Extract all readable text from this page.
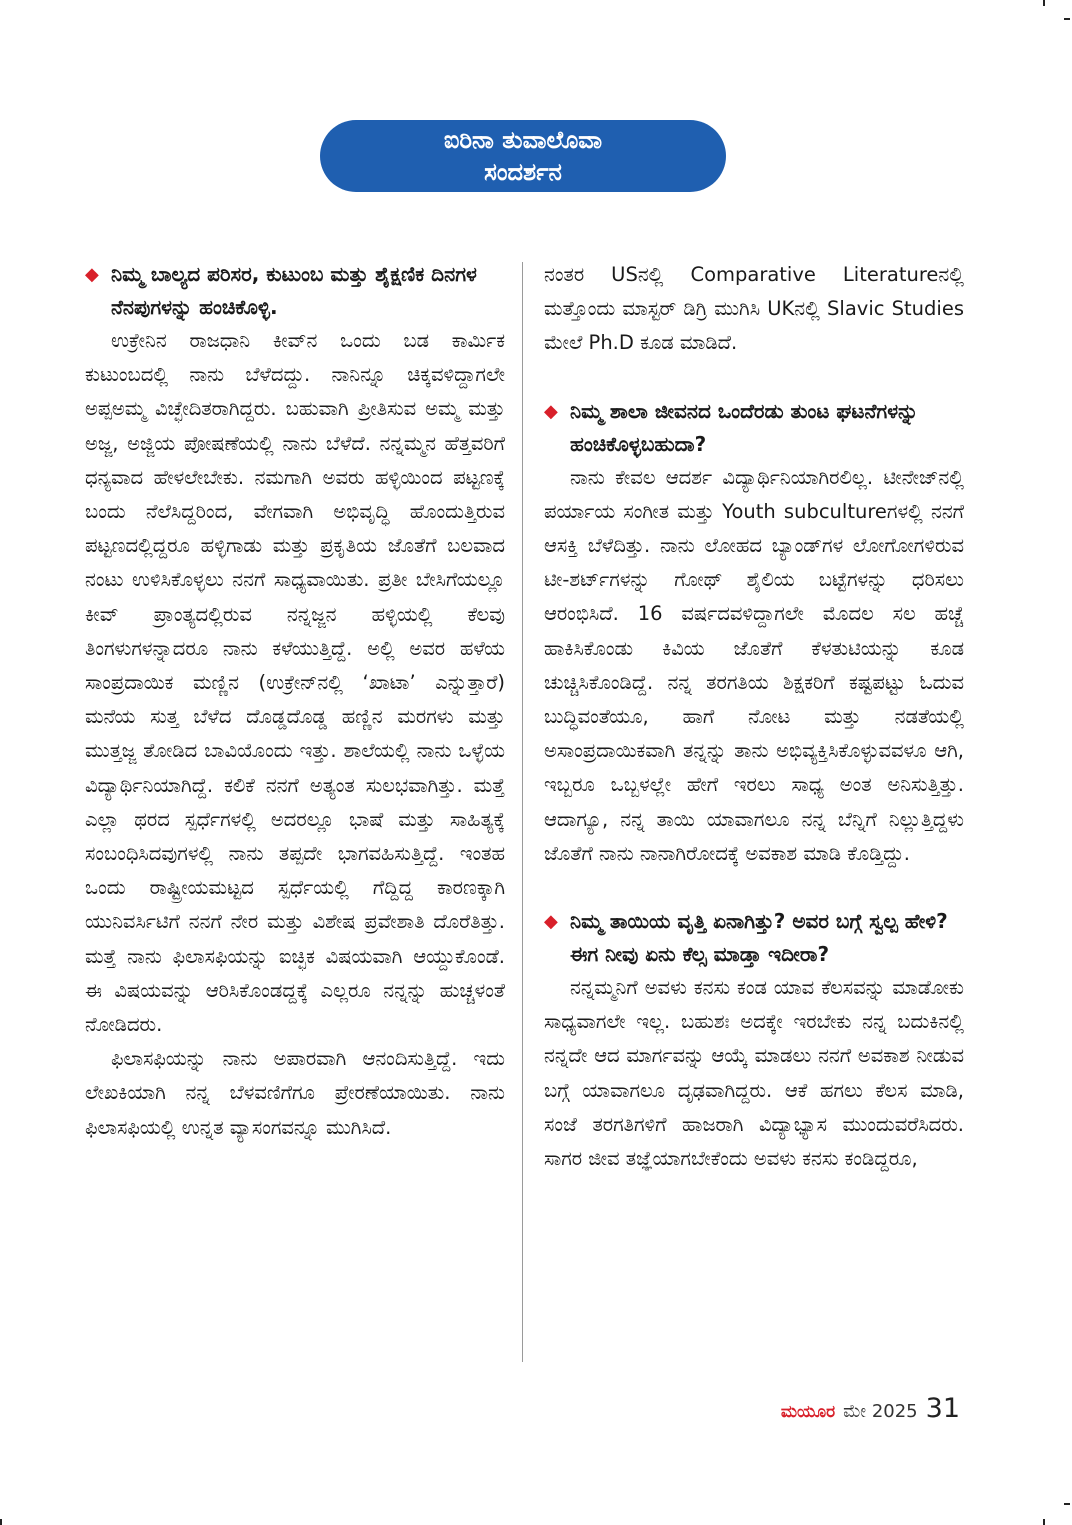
ಐರಿನಾ ತುವಾಲೊವಾ
ಸಂದರ್ಶನ

◆ ನಿಮ್ಮ ಬಾಲ್ಯದ ಪರಿಸರ, ಕುಟುಂಬ ಮತ್ತು ಶೈಕ್ಷಣಿಕ ದಿನಗಳ ನೆನಪುಗಳನ್ನು ಹಂಚಿಕೊಳ್ಳಿ.

ಉಕ್ರೇನಿನ ರಾಜಧಾನಿ ಕೀವ್‌ನ ಒಂದು ಬಡ ಕಾರ್ಮಿಕ ಕುಟುಂಬದಲ್ಲಿ ನಾನು ಬೆಳೆದದ್ದು. ನಾನಿನ್ನೂ ಚಿಕ್ಕವಳಿದ್ದಾಗಲೇ ಅಪ್ಪಅಮ್ಮ ವಿಚ್ಛೇದಿತರಾಗಿದ್ದರು. ಬಹುವಾಗಿ ಪ್ರೀತಿಸುವ ಅಮ್ಮ ಮತ್ತು ಅಜ್ಜ, ಅಜ್ಜಿಯ ಪೋಷಣೆಯಲ್ಲಿ ನಾನು ಬೆಳೆದೆ. ನನ್ನಮ್ಮನ ಹೆತ್ತವರಿಗೆ ಧನ್ಯವಾದ ಹೇಳಲೇಬೇಕು. ನಮಗಾಗಿ ಅವರು ಹಳ್ಳಿಯಿಂದ ಪಟ್ಟಣಕ್ಕೆ ಬಂದು ನೆಲೆಸಿದ್ದರಿಂದ, ವೇಗವಾಗಿ ಅಭಿವೃದ್ಧಿ ಹೊಂದುತ್ತಿರುವ ಪಟ್ಟಣದಲ್ಲಿದ್ದರೂ ಹಳ್ಳಿಗಾಡು ಮತ್ತು ಪ್ರಕೃತಿಯ ಜೊತೆಗೆ ಬಲವಾದ ನಂಟು ಉಳಿಸಿಕೊಳ್ಳಲು ನನಗೆ ಸಾಧ್ಯವಾಯಿತು. ಪ್ರತೀ ಬೇಸಿಗೆಯಲ್ಲೂ ಕೀವ್ ಪ್ರಾಂತ್ಯದಲ್ಲಿರುವ ನನ್ನಜ್ಜನ ಹಳ್ಳಿಯಲ್ಲಿ ಕೆಲವು ತಿಂಗಳುಗಳನ್ನಾದರೂ ನಾನು ಕಳೆಯುತ್ತಿದ್ದೆ. ಅಲ್ಲಿ ಅವರ ಹಳೆಯ ಸಾಂಪ್ರದಾಯಿಕ ಮಣ್ಣಿನ (ಉಕ್ರೇನ್‌ನಲ್ಲಿ ‘ಖಾಟಾ’ ಎನ್ನುತ್ತಾರೆ) ಮನೆಯ ಸುತ್ತ ಬೆಳೆದ ದೊಡ್ಡದೊಡ್ಡ ಹಣ್ಣಿನ ಮರಗಳು ಮತ್ತು ಮುತ್ತಜ್ಜ ತೋಡಿದ ಬಾವಿಯೊಂದು ಇತ್ತು. ಶಾಲೆಯಲ್ಲಿ ನಾನು ಒಳ್ಳೆಯ ವಿದ್ಯಾರ್ಥಿನಿಯಾಗಿದ್ದೆ. ಕಲಿಕೆ ನನಗೆ ಅತ್ಯಂತ ಸುಲಭವಾಗಿತ್ತು. ಮತ್ತೆ ಎಲ್ಲಾ ಥರದ ಸ್ಪರ್ಧೆಗಳಲ್ಲಿ ಅದರಲ್ಲೂ ಭಾಷೆ ಮತ್ತು ಸಾಹಿತ್ಯಕ್ಕೆ ಸಂಬಂಧಿಸಿದವುಗಳಲ್ಲಿ ನಾನು ತಪ್ಪದೇ ಭಾಗವಹಿಸುತ್ತಿದ್ದೆ. ಇಂತಹ ಒಂದು ರಾಷ್ಟ್ರೀಯಮಟ್ಟದ ಸ್ಪರ್ಧೆಯಲ್ಲಿ ಗೆದ್ದಿದ್ದ ಕಾರಣಕ್ಕಾಗಿ ಯುನಿವರ್ಸಿಟಿಗೆ ನನಗೆ ನೇರ ಮತ್ತು ವಿಶೇಷ ಪ್ರವೇಶಾತಿ ದೊರೆತಿತ್ತು. ಮತ್ತೆ ನಾನು ಫಿಲಾಸಫಿಯನ್ನು ಐಚ್ಛಿಕ ವಿಷಯವಾಗಿ ಆಯ್ದುಕೊಂಡೆ. ಈ ವಿಷಯವನ್ನು ಆರಿಸಿಕೊಂಡದ್ದಕ್ಕೆ ಎಲ್ಲರೂ ನನ್ನನ್ನು ಹುಚ್ಚಳಂತೆ ನೋಡಿದರು.

ಫಿಲಾಸಫಿಯನ್ನು ನಾನು ಅಪಾರವಾಗಿ ಆನಂದಿಸುತ್ತಿದ್ದೆ. ಇದು ಲೇಖಕಿಯಾಗಿ ನನ್ನ ಬೆಳವಣಿಗೆಗೂ ಪ್ರೇರಣೆಯಾಯಿತು. ನಾನು ಫಿಲಾಸಫಿಯಲ್ಲಿ ಉನ್ನತ ವ್ಯಾಸಂಗವನ್ನೂ ಮುಗಿಸಿದೆ.

ನಂತರ USನಲ್ಲಿ Comparative Literatureನಲ್ಲಿ ಮತ್ತೊಂದು ಮಾಸ್ಟರ್ ಡಿಗ್ರಿ ಮುಗಿಸಿ UKನಲ್ಲಿ Slavic Studies ಮೇಲೆ Ph.D ಕೂಡ ಮಾಡಿದೆ.

◆ ನಿಮ್ಮ ಶಾಲಾ ಜೀವನದ ಒಂದೆರಡು ತುಂಟ ಘಟನೆಗಳನ್ನು ಹಂಚಿಕೊಳ್ಳಬಹುದಾ?

ನಾನು ಕೇವಲ ಆದರ್ಶ ವಿದ್ಯಾರ್ಥಿನಿಯಾಗಿರಲಿಲ್ಲ. ಟೀನೇಜ್‌ನಲ್ಲಿ ಪರ್ಯಾಯ ಸಂಗೀತ ಮತ್ತು Youth subcultureಗಳಲ್ಲಿ ನನಗೆ ಆಸಕ್ತಿ ಬೆಳೆದಿತ್ತು. ನಾನು ಲೋಹದ ಬ್ಯಾಂಡ್‌ಗಳ ಲೋಗೋಗಳಿರುವ ಟೀ-ಶರ್ಟ್‌ಗಳನ್ನು ಗೋಥ್ ಶೈಲಿಯ ಬಟ್ಟೆಗಳನ್ನು ಧರಿಸಲು ಆರಂಭಿಸಿದೆ. 16 ವರ್ಷದವಳಿದ್ದಾಗಲೇ ಮೊದಲ ಸಲ ಹಚ್ಚೆ ಹಾಕಿಸಿಕೊಂಡು ಕಿವಿಯ ಜೊತೆಗೆ ಕೆಳತುಟಿಯನ್ನು ಕೂಡ ಚುಚ್ಚಿಸಿಕೊಂಡಿದ್ದೆ. ನನ್ನ ತರಗತಿಯ ಶಿಕ್ಷಕರಿಗೆ ಕಷ್ಟಪಟ್ಟು ಓದುವ ಬುದ್ಧಿವಂತೆಯೂ, ಹಾಗೆ ನೋಟ ಮತ್ತು ನಡತೆಯಲ್ಲಿ ಅಸಾಂಪ್ರದಾಯಿಕವಾಗಿ ತನ್ನನ್ನು ತಾನು ಅಭಿವ್ಯಕ್ತಿಸಿಕೊಳ್ಳುವವಳೂ ಆಗಿ, ಇಬ್ಬರೂ ಒಬ್ಬಳಲ್ಲೇ ಹೇಗೆ ಇರಲು ಸಾಧ್ಯ ಅಂತ ಅನಿಸುತ್ತಿತ್ತು. ಆದಾಗ್ಯೂ, ನನ್ನ ತಾಯಿ ಯಾವಾಗಲೂ ನನ್ನ ಬೆನ್ನಿಗೆ ನಿಲ್ಲುತ್ತಿದ್ದಳು ಜೊತೆಗೆ ನಾನು ನಾನಾಗಿರೋದಕ್ಕೆ ಅವಕಾಶ ಮಾಡಿ ಕೊಡ್ತಿದ್ದು.

◆ ನಿಮ್ಮ ತಾಯಿಯ ವೃತ್ತಿ ಏನಾಗಿತ್ತು? ಅವರ ಬಗ್ಗೆ ಸ್ವಲ್ಪ ಹೇಳಿ? ಈಗ ನೀವು ಏನು ಕೆಲ್ಸ ಮಾಡ್ತಾ ಇದೀರಾ?

ನನ್ನಮ್ಮನಿಗೆ ಅವಳು ಕನಸು ಕಂಡ ಯಾವ ಕೆಲಸವನ್ನು ಮಾಡೋಕು ಸಾಧ್ಯವಾಗಲೇ ಇಲ್ಲ. ಬಹುಶಃ ಅದಕ್ಕೇ ಇರಬೇಕು ನನ್ನ ಬದುಕಿನಲ್ಲಿ ನನ್ನದೇ ಆದ ಮಾರ್ಗವನ್ನು ಆಯ್ಕೆ ಮಾಡಲು ನನಗೆ ಅವಕಾಶ ನೀಡುವ ಬಗ್ಗೆ ಯಾವಾಗಲೂ ದೃಢವಾಗಿದ್ದರು. ಆಕೆ ಹಗಲು ಕೆಲಸ ಮಾಡಿ, ಸಂಜೆ ತರಗತಿಗಳಿಗೆ ಹಾಜರಾಗಿ ವಿದ್ಯಾಭ್ಯಾಸ ಮುಂದುವರೆಸಿದರು. ಸಾಗರ ಜೀವ ತಜ್ಞೆಯಾಗಬೇಕೆಂದು ಅವಳು ಕನಸು ಕಂಡಿದ್ದರೂ,

ಮಯೂರ ಮೇ 2025 31
